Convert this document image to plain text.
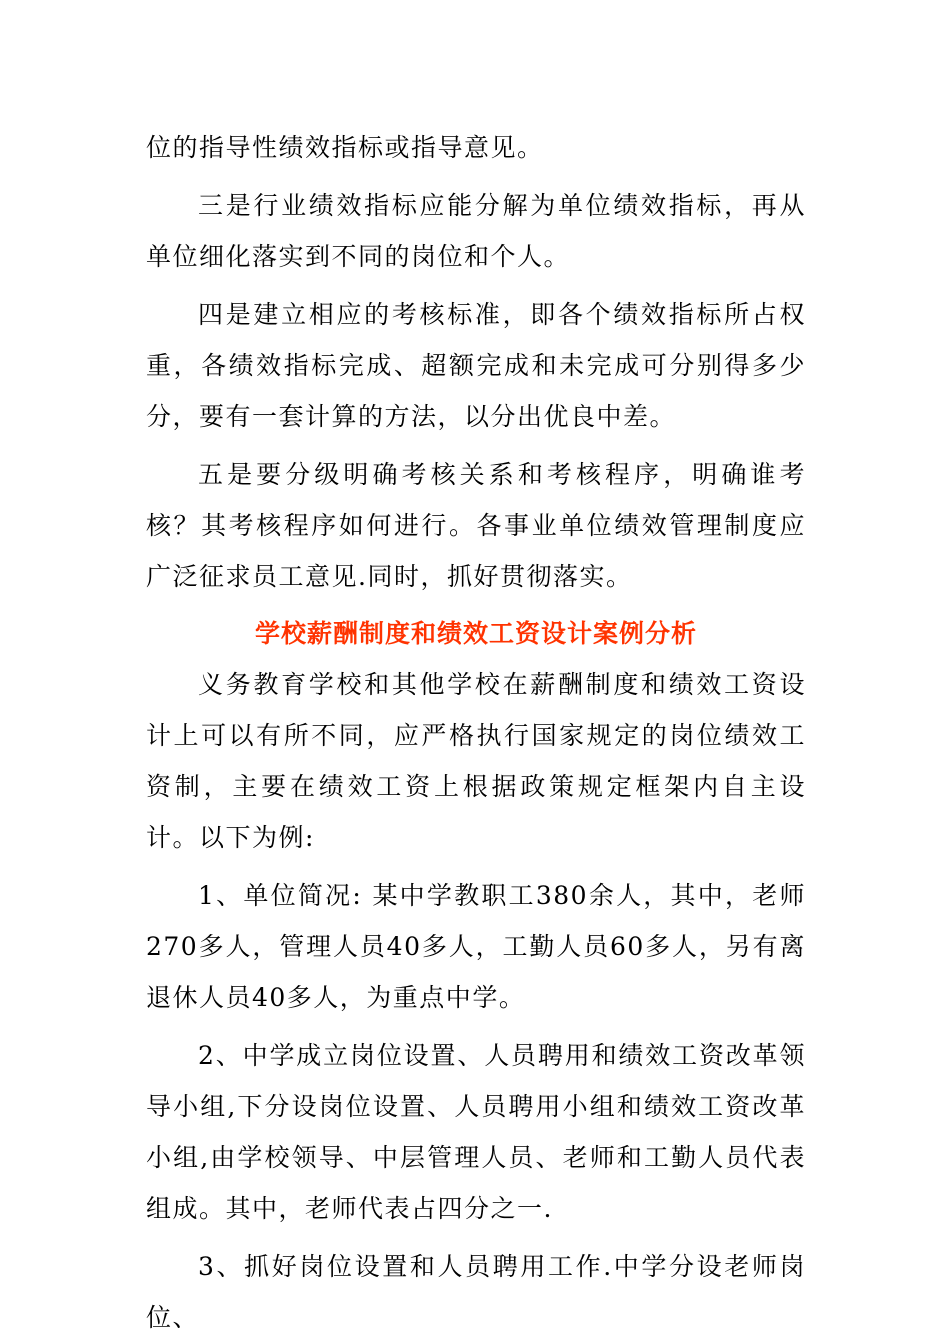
位的指导性绩效指标或指导意见。

三是行业绩效指标应能分解为单位绩效指标，再从单位细化落实到不同的岗位和个人。

四是建立相应的考核标准，即各个绩效指标所占权重，各绩效指标完成、超额完成和未完成可分别得多少分，要有一套计算的方法，以分出优良中差。

五是要分级明确考核关系和考核程序，明确谁考核？其考核程序如何进行。各事业单位绩效管理制度应广泛征求员工意见.同时，抓好贯彻落实。

学校薪酬制度和绩效工资设计案例分析

义务教育学校和其他学校在薪酬制度和绩效工资设计上可以有所不同，应严格执行国家规定的岗位绩效工资制，主要在绩效工资上根据政策规定框架内自主设计。以下为例:

1、单位简况: 某中学教职工380余人，其中，老师270多人，管理人员40多人，工勤人员60多人，另有离退休人员40多人，为重点中学。

2、中学成立岗位设置、人员聘用和绩效工资改革领导小组,下分设岗位设置、人员聘用小组和绩效工资改革小组,由学校领导、中层管理人员、老师和工勤人员代表组成。其中，老师代表占四分之一.

3、抓好岗位设置和人员聘用工作.中学分设老师岗位、
